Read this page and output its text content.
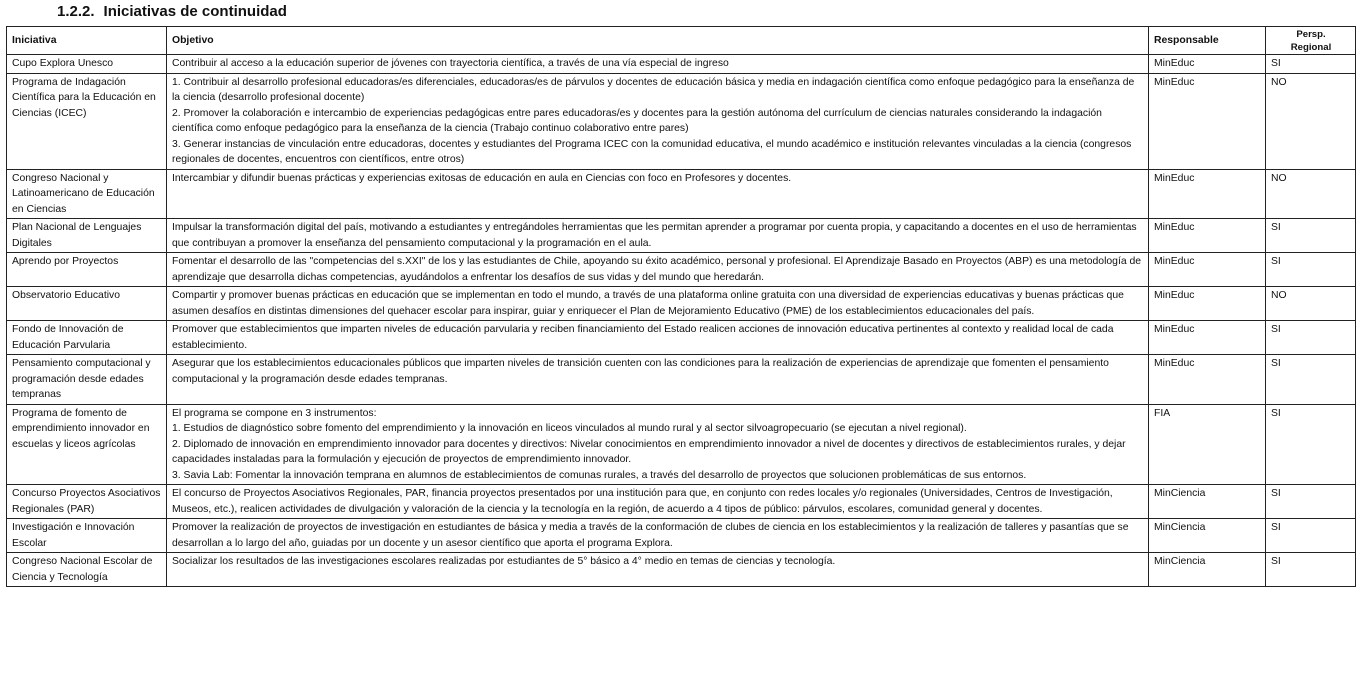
1.2.2. Iniciativas de continuidad
Iniciativa	Objetivo	Responsable	Persp.
Regional

Cupo Explora Unesco	Contribuir al acceso a la educación superior de jóvenes con trayectoria científica, a través de una vía especial de ingreso	MinEduc	SI
Programa de Indagación Científica para la Educación en Ciencias (ICEC)	1. Contribuir al desarrollo profesional educadoras/es diferenciales, educadoras/es de párvulos y docentes de educación básica y media en indagación científica como enfoque pedagógico para la enseñanza de la ciencia (desarrollo profesional docente)
2. Promover la colaboración e intercambio de experiencias pedagógicas entre pares educadoras/es y docentes para la gestión autónoma del currículum de ciencias naturales considerando la indagación científica como enfoque pedagógico para la enseñanza de la ciencia (Trabajo continuo colaborativo entre pares)
3. Generar instancias de vinculación entre educadoras, docentes y estudiantes del Programa ICEC con la comunidad educativa, el mundo académico e institución relevantes vinculadas a la ciencia (congresos regionales de docentes, encuentros con científicos, entre otros)	MinEduc	NO
Congreso Nacional y Latinoamericano de Educación en Ciencias	Intercambiar y difundir buenas prácticas y experiencias exitosas de educación en aula en Ciencias con foco en Profesores y docentes.	MinEduc	NO
Plan Nacional de Lenguajes Digitales	Impulsar la transformación digital del país, motivando a estudiantes y entregándoles herramientas que les permitan aprender a programar por cuenta propia, y capacitando a docentes en el uso de herramientas que contribuyan a promover la enseñanza del pensamiento computacional y la programación en el aula.	MinEduc	SI
Aprendo por Proyectos	Fomentar el desarrollo de las "competencias del s.XXI" de los y las estudiantes de Chile, apoyando su éxito académico, personal y profesional. El Aprendizaje Basado en Proyectos (ABP) es una metodología de aprendizaje que desarrolla dichas competencias, ayudándolos a enfrentar los desafíos de sus vidas y del mundo que heredarán.	MinEduc	SI
Observatorio Educativo	Compartir y promover buenas prácticas en educación que se implementan en todo el mundo, a través de una plataforma online gratuita con una diversidad de experiencias educativas y buenas prácticas que asumen desafíos en distintas dimensiones del quehacer escolar para inspirar, guiar y enriquecer el Plan de Mejoramiento Educativo (PME) de los establecimientos educacionales del país.	MinEduc	NO
Fondo de Innovación de Educación Parvularia	Promover que establecimientos que imparten niveles de educación parvularia y reciben financiamiento del Estado realicen acciones de innovación educativa pertinentes al contexto y realidad local de cada establecimiento.	MinEduc	SI
Pensamiento computacional y programación desde edades tempranas	Asegurar que los establecimientos educacionales públicos que imparten niveles de transición cuenten con las condiciones para la realización de experiencias de aprendizaje que fomenten el pensamiento computacional y la programación desde edades tempranas.	MinEduc	SI
Programa de fomento de emprendimiento innovador en escuelas y liceos agrícolas	El programa se compone en 3 instrumentos:
1. Estudios de diagnóstico sobre fomento del emprendimiento y la innovación en liceos vinculados al mundo rural y al sector silvoagropecuario (se ejecutan a nivel regional).
2. Diplomado de innovación en emprendimiento innovador para docentes y directivos: Nivelar conocimientos en emprendimiento innovador a nivel de docentes y directivos de establecimientos rurales, y dejar capacidades instaladas para la formulación y ejecución de proyectos de emprendimiento innovador.
3. Savia Lab: Fomentar la innovación temprana en alumnos de establecimientos de comunas rurales, a través del desarrollo de proyectos que solucionen problemáticas de sus entornos.	FIA	SI
Concurso Proyectos Asociativos Regionales (PAR)	El concurso de Proyectos Asociativos Regionales, PAR, financia proyectos presentados por una institución para que, en conjunto con redes locales y/o regionales (Universidades, Centros de Investigación, Museos, etc.), realicen actividades de divulgación y valoración de la ciencia y la tecnología en la región, de acuerdo a 4 tipos de público: párvulos, escolares, comunidad general y docentes.	MinCiencia	SI
Investigación e Innovación Escolar	Promover la realización de proyectos de investigación en estudiantes de básica y media a través de la conformación de clubes de ciencia en los establecimientos y la realización de talleres y pasantías que se desarrollan a lo largo del año, guiadas por un docente y un asesor científico que aporta el programa Explora.	MinCiencia	SI
Congreso Nacional Escolar de Ciencia y Tecnología	Socializar los resultados de las investigaciones escolares realizadas por estudiantes de 5° básico a 4° medio en temas de ciencias y tecnología.	MinCiencia	SI
